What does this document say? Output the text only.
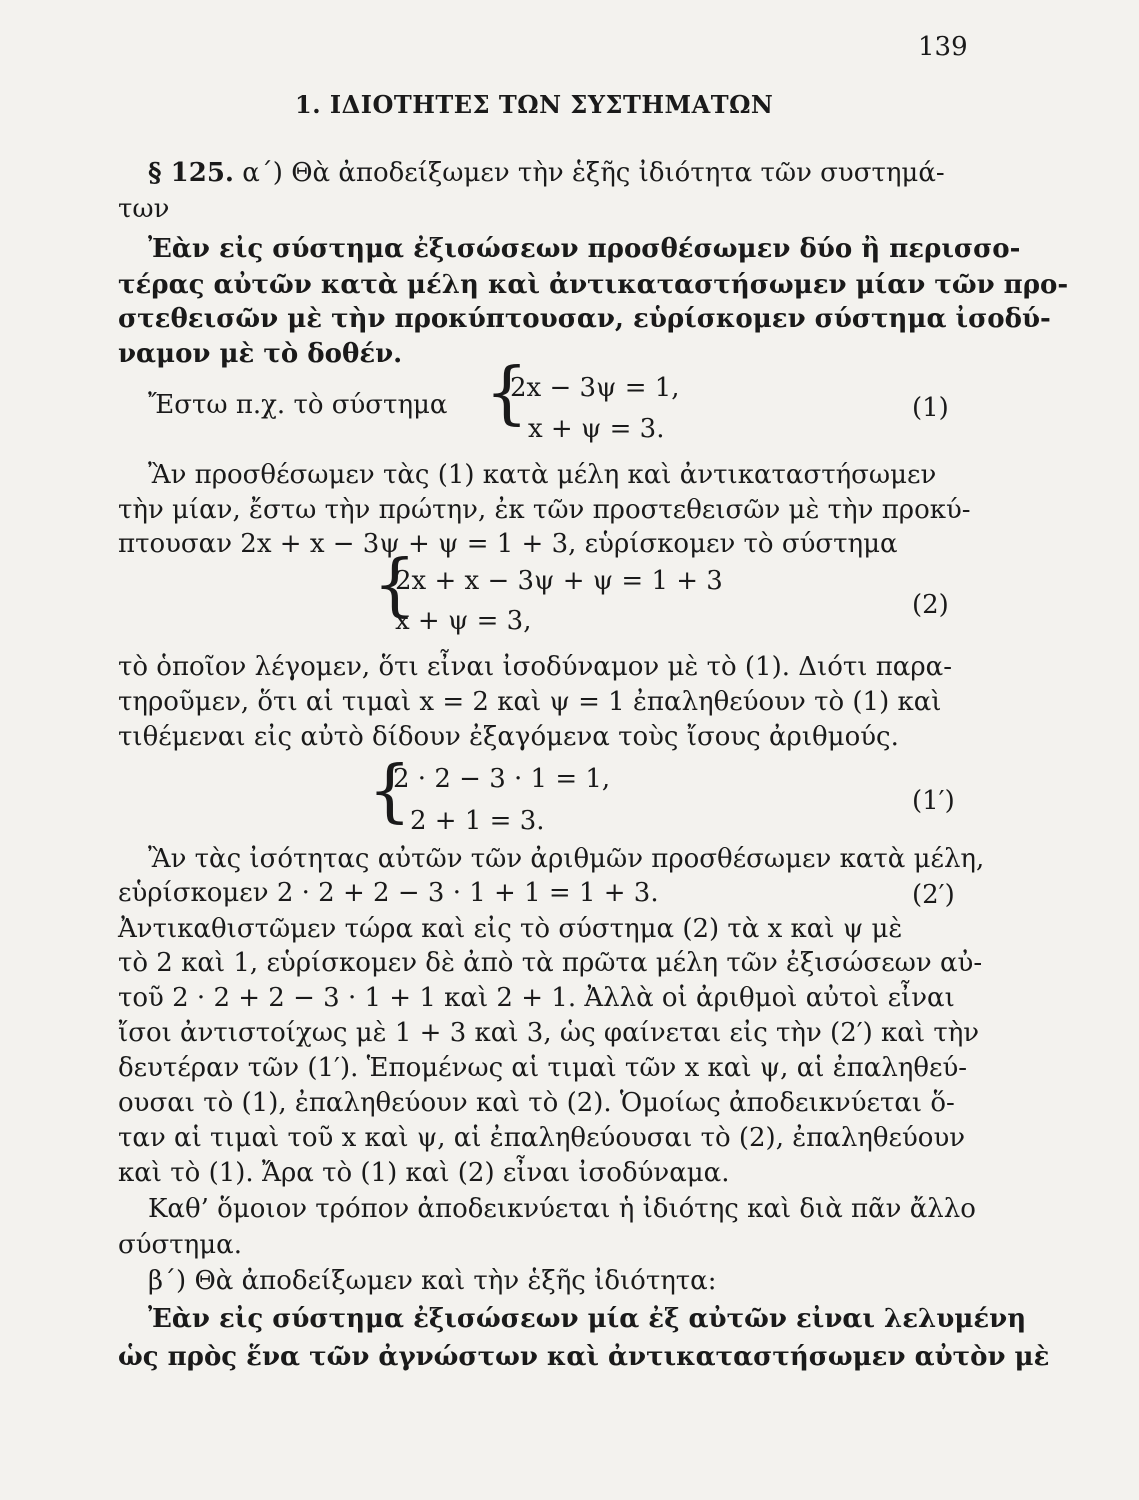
139
1. ΙΔΙΟΤΗΤΕΣ ΤΩΝ ΣΥΣΤΗΜΑΤΩΝ
§ 125. α΄) Θὰ ἀποδείξωμεν τὴν ἑξῆς ἰδιότητα τῶν συστημά-
των
Ἐὰν εἰς σύστημα ἐξισώσεων προσθέσωμεν δύο ἢ περισσο-
τέρας αὐτῶν κατὰ μέλη καὶ ἀντικαταστήσωμεν μίαν τῶν προ-
στεθεισῶν μὲ τὴν προκύπτουσαν, εὑρίσκομεν σύστημα ἰσοδύ-
ναμον μὲ τὸ δοθέν.
Ἔστω π.χ. τὸ σύστημα {
2x − 3ψ = 1,
x + ψ = 3.
(1)
Ἂν προσθέσωμεν τὰς (1) κατὰ μέλη καὶ ἀντικαταστήσωμεν
τὴν μίαν, ἔστω τὴν πρώτην, ἐκ τῶν προστεθεισῶν μὲ τὴν προκύ-
πτουσαν 2x + x − 3ψ + ψ = 1 + 3, εὑρίσκομεν τὸ σύστημα
{
2x + x − 3ψ + ψ = 1 + 3
x + ψ = 3,
(2)
τὸ ὁποῖον λέγομεν, ὅτι εἶναι ἰσοδύναμον μὲ τὸ (1). Διότι παρα-
τηροῦμεν, ὅτι αἱ τιμαὶ x = 2 καὶ ψ = 1 ἐπαληθεύουν τὸ (1) καὶ
τιθέμεναι εἰς αὐτὸ δίδουν ἐξαγόμενα τοὺς ἴσους ἀριθμούς.
{
2 · 2 − 3 · 1 = 1,
2 + 1 = 3.
(1′)
Ἂν τὰς ἰσότητας αὐτῶν τῶν ἀριθμῶν προσθέσωμεν κατὰ μέλη,
εὑρίσκομεν 2 · 2 + 2 − 3 · 1 + 1 = 1 + 3.	(2′)
Ἀντικαθιστῶμεν τώρα καὶ εἰς τὸ σύστημα (2) τὰ x καὶ ψ μὲ
τὸ 2 καὶ 1, εὑρίσκομεν δὲ ἀπὸ τὰ πρῶτα μέλη τῶν ἐξισώσεων αὐ-
τοῦ 2 · 2 + 2 − 3 · 1 + 1 καὶ 2 + 1. Ἀλλὰ οἱ ἀριθμοὶ αὐτοὶ εἶναι
ἴσοι ἀντιστοίχως μὲ 1 + 3 καὶ 3, ὡς φαίνεται εἰς τὴν (2′) καὶ τὴν
δευτέραν τῶν (1′). Ἑπομένως αἱ τιμαὶ τῶν x καὶ ψ, αἱ ἐπαληθεύ-
ουσαι τὸ (1), ἐπαληθεύουν καὶ τὸ (2). Ὁμοίως ἀποδεικνύεται ὅ-
ταν αἱ τιμαὶ τοῦ x καὶ ψ, αἱ ἐπαληθεύουσαι τὸ (2), ἐπαληθεύουν
καὶ τὸ (1). Ἄρα τὸ (1) καὶ (2) εἶναι ἰσοδύναμα.
Καθ’ ὅμοιον τρόπον ἀποδεικνύεται ἡ ἰδιότης καὶ διὰ πᾶν ἄλλο
σύστημα.
β΄) Θὰ ἀποδείξωμεν καὶ τὴν ἑξῆς ἰδιότητα:
Ἐὰν εἰς σύστημα ἐξισώσεων μία ἐξ αὐτῶν εἰναι λελυμένη
ὡς πρὸς ἕνα τῶν ἀγνώστων καὶ ἀντικαταστήσωμεν αὐτὸν μὲ
